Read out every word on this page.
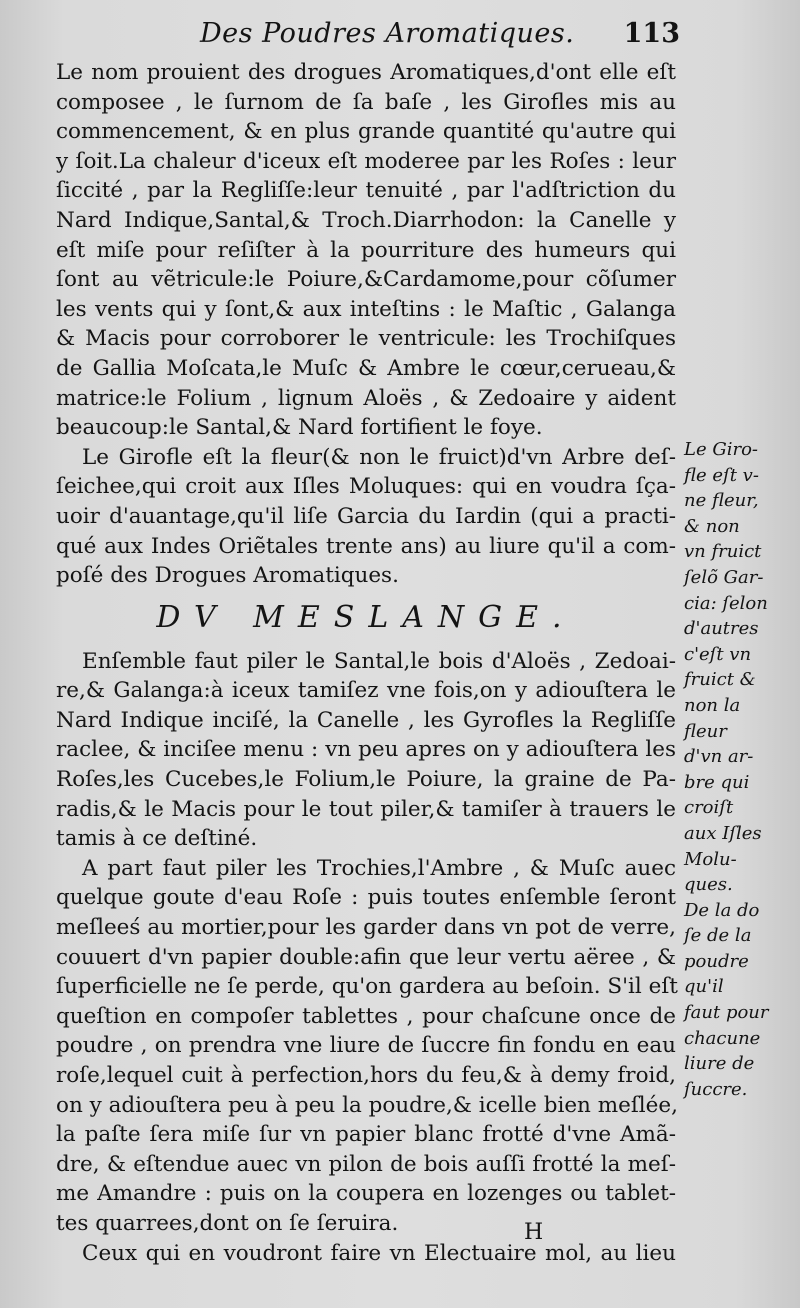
Des Poudres Aromatiques. 113
Le nom prouient des drogues Aromatiques,d'ont elle eſt
composee , le ſurnom de ſa baſe , les Girofles mis au
commencement, & en plus grande quantité qu'autre qui
y ſoit.La chaleur d'iceux eſt moderee par les Roſes : leur
ſiccité , par la Regliſſe:leur tenuité , par l'adſtriction du
Nard Indique,Santal,& Troch.Diarrhodon: la Canelle y
eſt miſe pour reſiſter à la pourriture des humeurs qui
ſont au vẽtricule:le Poiure,&Cardamome,pour cõſumer
les vents qui y ſont,& aux inteſtins : le Maſtic , Galanga
& Macis pour corroborer le ventricule: les Trochiſques
de Gallia Moſcata,le Muſc & Ambre le cœur,cerueau,&
matrice:le Folium , lignum Aloës , & Zedoaire y aident
beaucoup:le Santal,& Nard fortifient le foye.
Le Girofle eſt la fleur(& non le fruict)d'vn Arbre deſ-
ſeichee,qui croit aux Iſles Moluques: qui en voudra ſça-
uoir d'auantage,qu'il liſe Garcia du Iardin (qui a practi-
qué aux Indes Oriẽtales trente ans) au liure qu'il a com-
poſé des Drogues Aromatiques.
DV MESLANGE.
Enſemble faut piler le Santal,le bois d'Aloës , Zedoai-
re,& Galanga:à iceux tamiſez vne fois,on y adiouſtera le
Nard Indique inciſé, la Canelle , les Gyrofles la Regliſſe
raclee, & inciſee menu : vn peu apres on y adiouſtera les
Roſes,les Cucebes,le Folium,le Poiure, la graine de Pa-
radis,& le Macis pour le tout piler,& tamiſer à trauers le
tamis à ce deſtiné.
A part faut piler les Trochies,l'Ambre , & Muſc auec
quelque goute d'eau Roſe : puis toutes enſemble ſeront
meſleeś au mortier,pour les garder dans vn pot de verre,
couuert d'vn papier double:afin que leur vertu aëree , &
ſuperficielle ne ſe perde, qu'on gardera au beſoin. S'il eſt
queſtion en compoſer tablettes , pour chaſcune once de
poudre , on prendra vne liure de ſuccre fin fondu en eau
roſe,lequel cuit à perfection,hors du feu,& à demy froid,
on y adiouſtera peu à peu la poudre,& icelle bien meſlée,
la paſte ſera miſe ſur vn papier blanc frotté d'vne Amã-
dre, & eſtendue auec vn pilon de bois auſſi frotté la meſ-
me Amandre : puis on la coupera en lozenges ou tablet-
tes quarrees,dont on ſe ſeruira.
Ceux qui en voudront faire vn Electuaire mol, au lieu
Le Giro-
fle eſt v-
ne fleur,
& non
vn fruict
ſelõ Gar-
cia: ſelon
d'autres
c'eſt vn
fruict &
non la
fleur
d'vn ar-
bre qui
croiſt
aux Iſles
Molu-
ques.
De la do
ſe de la
poudre
qu'il
faut pour
chacune
liure de
ſuccre.
H
